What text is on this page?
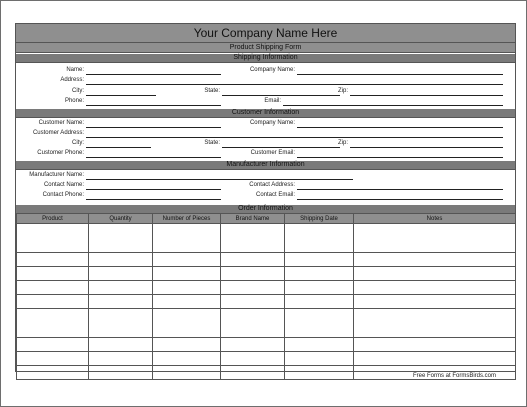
Your Company Name Here
Product Shipping Form
Shipping Information
Name:	Company Name:
Address:
City:	State:	Zip:
Phone:	Email:
Customer Information
Customer Name:	Company Name:
Customer Address:
City:	State:	Zip:
Customer Phone:	Customer Email:
Manufacturer Information
Manufacturer Name:
Contact Name:	Contact Address:
Contact Phone:	Contact Email:
Order Information
Product	Quantity	Number of Pieces	Brand Name	Shipping Date	Notes

Free Forms at FormsBirds.com
